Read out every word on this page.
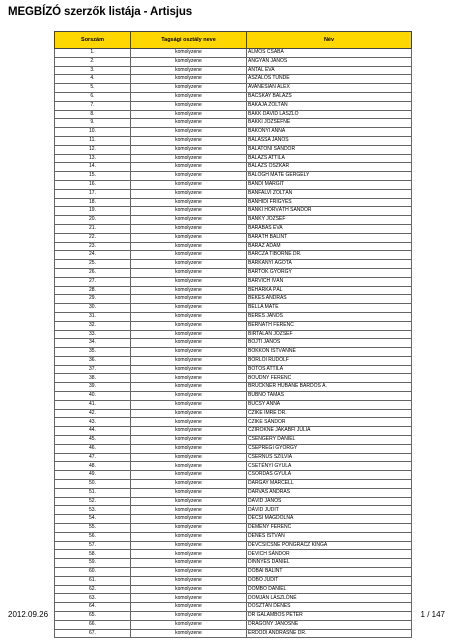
MEGBÍZÓ szerzők listája - Artisjus
Sorszám	Tagsági osztály neve	Név
1.	komolyzene	ÁLMOS CSABA
2.	komolyzene	ÁNGYÁN JÁNOS
3.	komolyzene	ANTAL ÉVA
4.	komolyzene	ASZALÓS TÜNDE
5.	komolyzene	AVANESIAN ALEX
6.	komolyzene	BÁCSKAY BALÁZS
7.	komolyzene	BAKAJA ZOLTÁN
8.	komolyzene	BAKK DÁVID LÁSZLÓ
9.	komolyzene	BAKKI JÓZSEFNÉ
10.	komolyzene	BAKONYI ANNA
11.	komolyzene	BALASSA JÁNOS
12.	komolyzene	BALATONI SÁNDOR
13.	komolyzene	BALÁZS ATTILA
14.	komolyzene	BALÁZS OSZKÁR
15.	komolyzene	BALOGH MÁTÉ GERGELY
16.	komolyzene	BÁNDI MARGIT
17.	komolyzene	BÁNFALVI ZOLTÁN
18.	komolyzene	BÁNHIDI FRIGYES
19.	komolyzene	BÁNKI HORVÁTH SÁNDOR
20.	komolyzene	BÁNKY JÓZSEF
21.	komolyzene	BARABÁS ÉVA
22.	komolyzene	BARÁTH BÁLINT
23.	komolyzene	BARÁZ ÁDÁM
24.	komolyzene	BARCZA TIBORNÉ DR.
25.	komolyzene	BÁRKÁNYI ÁGOTA
26.	komolyzene	BARTÓK GYÖRGY
27.	komolyzene	BARVICH IVÁN
28.	komolyzene	BEHARKA PÁL
29.	komolyzene	BÉKÉS ANDRÁS
30.	komolyzene	BELLA MÁTÉ
31.	komolyzene	BÉRES JÁNOS
32.	komolyzene	BERNÁTH FERENC
33.	komolyzene	BIRTALAN JÓZSEF
34.	komolyzene	BOJTI JÁNOS
35.	komolyzene	BOKKON ISTVÁNNÉ
36.	komolyzene	BORLÓI RUDOLF
37.	komolyzene	BOTOS ATTILA
38.	komolyzene	BOUDNY FERENC
39.	komolyzene	BRÜCKNER HUBÁNÉ BÁRDOS Á.
40.	komolyzene	BUBNÓ TAMÁS
41.	komolyzene	BUCSY ANNA
42.	komolyzene	CZIKE IMRE DR.
43.	komolyzene	CZIKE SÁNDOR
44.	komolyzene	CZIRÓKNÉ JAKABFI JÚLIA
45.	komolyzene	CSENGERY DÁNIEL
46.	komolyzene	CSEPREGI GYÖRGY
47.	komolyzene	CSERNUS SZILVIA
48.	komolyzene	CSETÉNYI GYULA
49.	komolyzene	CSORDÁS GYULA
50.	komolyzene	DARGAY MARCELL
51.	komolyzene	DARVAS ANDRÁS
52.	komolyzene	DÁVID JÁNOS
53.	komolyzene	DÁVID JUDIT
54.	komolyzene	DECSI MAGDOLNA
55.	komolyzene	DEMÉNY FERENC
56.	komolyzene	DÉNES ISTVÁN
57.	komolyzene	DEVCSICSNÉ PONGRÁCZ KINGA
58.	komolyzene	DEVICH SÁNDOR
59.	komolyzene	DINNYÉS DÁNIEL
60.	komolyzene	DOBAI BÁLINT
61.	komolyzene	DOBÓ JUDIT
62.	komolyzene	DOMBÓ DÁNIEL
63.	komolyzene	DOMJÁN LÁSZLÓNÉ
64.	komolyzene	DOSZTÁN DÉNES
65.	komolyzene	DR GALAMBOS PÉTER
66.	komolyzene	DRAGONY JÁNOSNÉ
67.	komolyzene	ERDŐDI ANDRÁSNÉ DR.
2012.09.26	1 / 147
